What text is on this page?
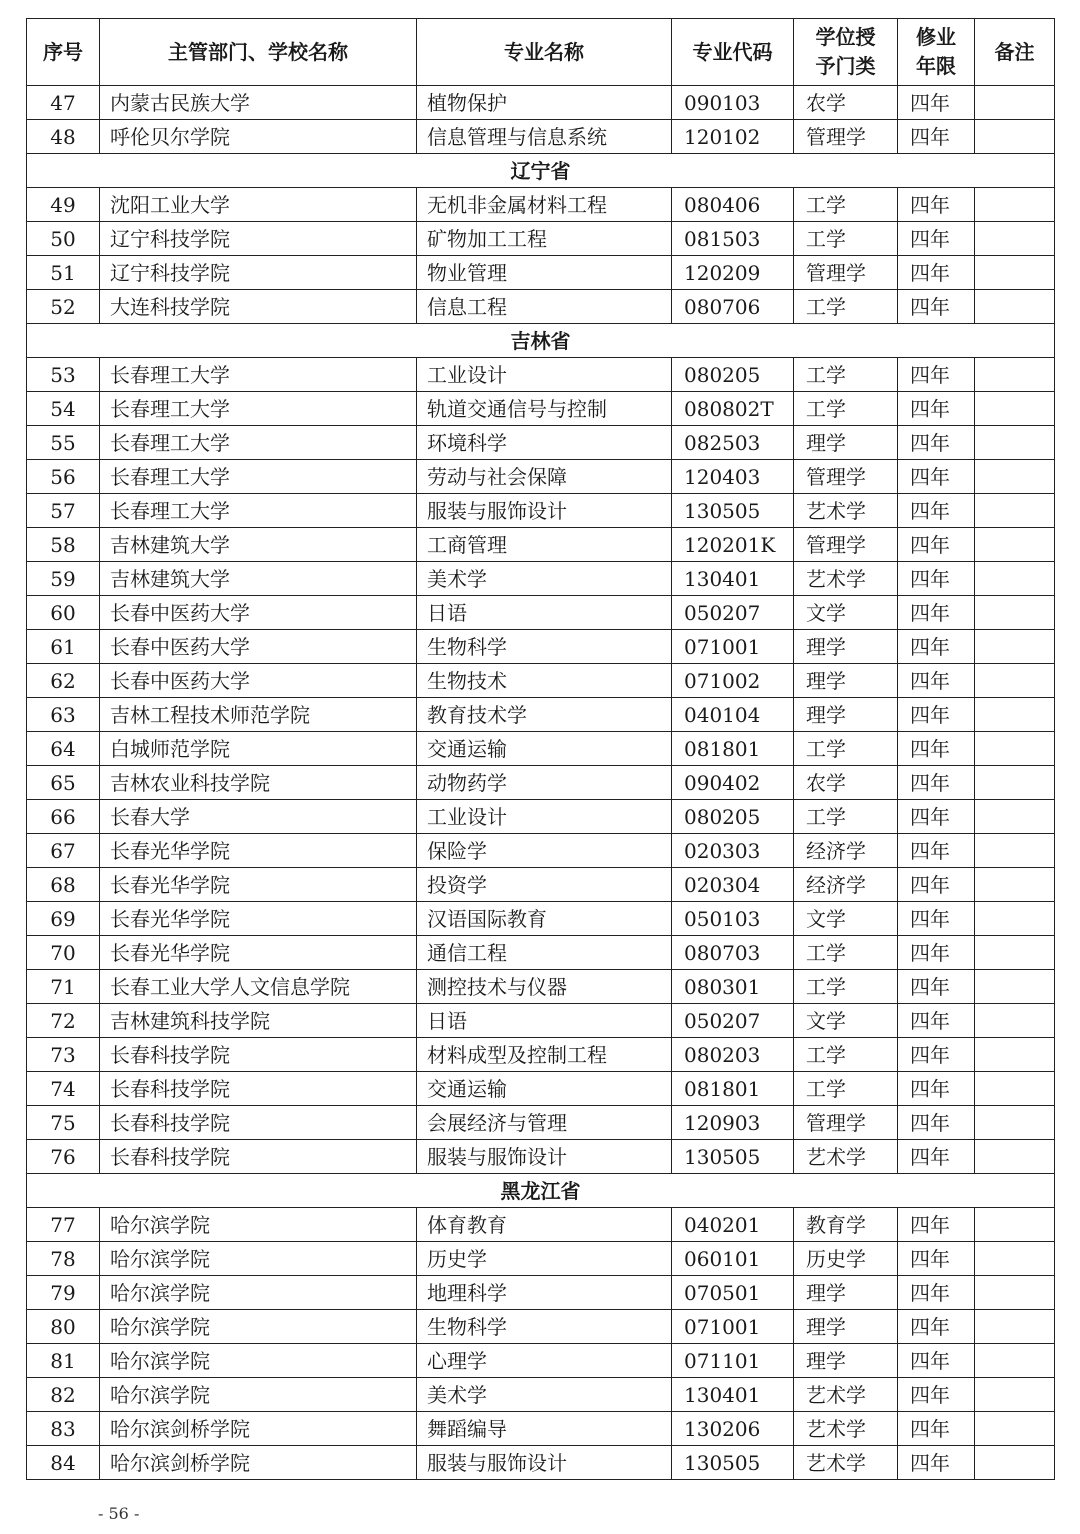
序号	主管部门、学校名称	专业名称	专业代码	学位授予门类	修业年限	备注
47	内蒙古民族大学	植物保护	090103	农学	四年	
48	呼伦贝尔学院	信息管理与信息系统	120102	管理学	四年	
辽宁省						
49	沈阳工业大学	无机非金属材料工程	080406	工学	四年	
50	辽宁科技学院	矿物加工工程	081503	工学	四年	
51	辽宁科技学院	物业管理	120209	管理学	四年	
52	大连科技学院	信息工程	080706	工学	四年	
吉林省						
53	长春理工大学	工业设计	080205	工学	四年	
54	长春理工大学	轨道交通信号与控制	080802T	工学	四年	
55	长春理工大学	环境科学	082503	理学	四年	
56	长春理工大学	劳动与社会保障	120403	管理学	四年	
57	长春理工大学	服装与服饰设计	130505	艺术学	四年	
58	吉林建筑大学	工商管理	120201K	管理学	四年	
59	吉林建筑大学	美术学	130401	艺术学	四年	
60	长春中医药大学	日语	050207	文学	四年	
61	长春中医药大学	生物科学	071001	理学	四年	
62	长春中医药大学	生物技术	071002	理学	四年	
63	吉林工程技术师范学院	教育技术学	040104	理学	四年	
64	白城师范学院	交通运输	081801	工学	四年	
65	吉林农业科技学院	动物药学	090402	农学	四年	
66	长春大学	工业设计	080205	工学	四年	
67	长春光华学院	保险学	020303	经济学	四年	
68	长春光华学院	投资学	020304	经济学	四年	
69	长春光华学院	汉语国际教育	050103	文学	四年	
70	长春光华学院	通信工程	080703	工学	四年	
71	长春工业大学人文信息学院	测控技术与仪器	080301	工学	四年	
72	吉林建筑科技学院	日语	050207	文学	四年	
73	长春科技学院	材料成型及控制工程	080203	工学	四年	
74	长春科技学院	交通运输	081801	工学	四年	
75	长春科技学院	会展经济与管理	120903	管理学	四年	
76	长春科技学院	服装与服饰设计	130505	艺术学	四年	
黑龙江省						
77	哈尔滨学院	体育教育	040201	教育学	四年	
78	哈尔滨学院	历史学	060101	历史学	四年	
79	哈尔滨学院	地理科学	070501	理学	四年	
80	哈尔滨学院	生物科学	071001	理学	四年	
81	哈尔滨学院	心理学	071101	理学	四年	
82	哈尔滨学院	美术学	130401	艺术学	四年	
83	哈尔滨剑桥学院	舞蹈编导	130206	艺术学	四年	
84	哈尔滨剑桥学院	服装与服饰设计	130505	艺术学	四年	
- 56 -
